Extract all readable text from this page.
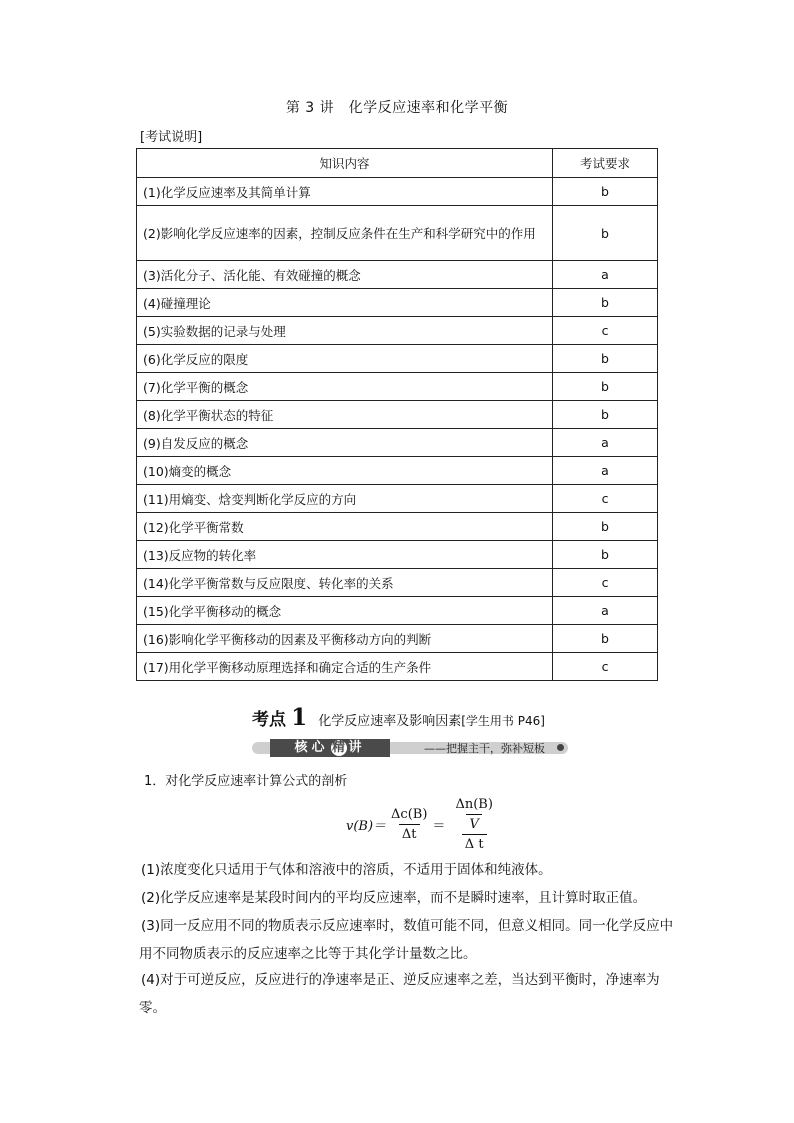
第 3 讲　化学反应速率和化学平衡
[考试说明]
知识内容	考试要求
(1)化学反应速率及其简单计算	b
(2)影响化学反应速率的因素，控制反应条件在生产和科学研究中的作用	b
(3)活化分子、活化能、有效碰撞的概念	a
(4)碰撞理论	b
(5)实验数据的记录与处理	c
(6)化学反应的限度	b
(7)化学平衡的概念	b
(8)化学平衡状态的特征	b
(9)自发反应的概念	a
(10)熵变的概念	a
(11)用熵变、焓变判断化学反应的方向	c
(12)化学平衡常数	b
(13)反应物的转化率	b
(14)化学平衡常数与反应限度、转化率的关系	c
(15)化学平衡移动的概念	a
(16)影响化学平衡移动的因素及平衡移动方向的判断	b
(17)用化学平衡移动原理选择和确定合适的生产条件	c
考点 1 化学反应速率及影响因素[学生用书 P46]
核心 精 讲	——把握主干，弥补短板
1．对化学反应速率计算公式的剖析
$v(B)= \frac{\Delta c(B)}{\Delta t} = \frac{\frac{\Delta n(B)}{V}}{\text{Δ t}}$
(1)浓度变化只适用于气体和溶液中的溶质，不适用于固体和纯液体。
(2)化学反应速率是某段时间内的平均反应速率，而不是瞬时速率，且计算时取正值。
(3)同一反应用不同的物质表示反应速率时，数值可能不同，但意义相同。同一化学反应中用不同物质表示的反应速率之比等于其化学计量数之比。
(4)对于可逆反应，反应进行的净速率是正、逆反应速率之差，当达到平衡时，净速率为零。
